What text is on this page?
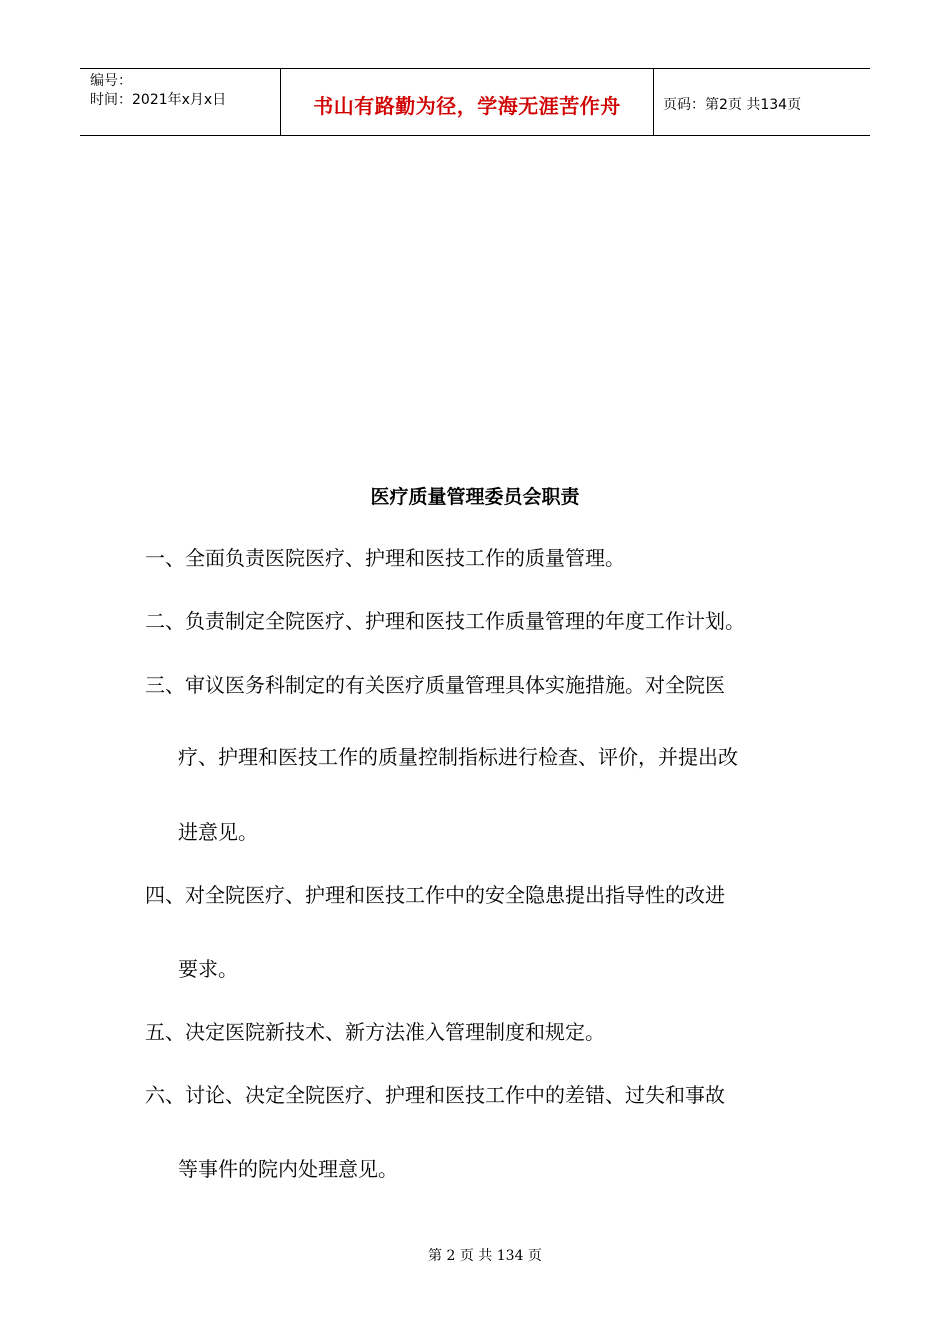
编号：
时间：2021年x月x日	书山有路勤为径，学海无涯苦作舟	页码：第2页 共134页
医疗质量管理委员会职责
一、全面负责医院医疗、护理和医技工作的质量管理。
二、负责制定全院医疗、护理和医技工作质量管理的年度工作计划。
三、审议医务科制定的有关医疗质量管理具体实施措施。对全院医
疗、护理和医技工作的质量控制指标进行检查、评价，并提出改
进意见。
四、对全院医疗、护理和医技工作中的安全隐患提出指导性的改进
要求。
五、决定医院新技术、新方法准入管理制度和规定。
六、讨论、决定全院医疗、护理和医技工作中的差错、过失和事故
等事件的院内处理意见。
第 2 页 共 134 页
